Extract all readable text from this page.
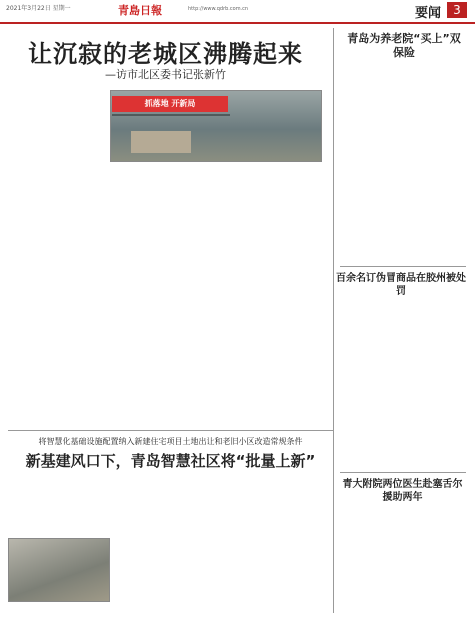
2021年3月22日 星期一	青島日報	http://www.qdrb.com.cn	要闻	3
让沉寂的老城区沸腾起来
—访市北区委书记张新竹
抓落地 开新局
青岛为养老院“买上”双保险
百余名订伪冒商品在胶州被处罚
青大附院两位医生赴塞舌尔援助两年
将智慧化基础设施配置纳入新建住宅项目土地出让和老旧小区改造常规条件
新基建风口下，青岛智慧社区将“批量上新”
